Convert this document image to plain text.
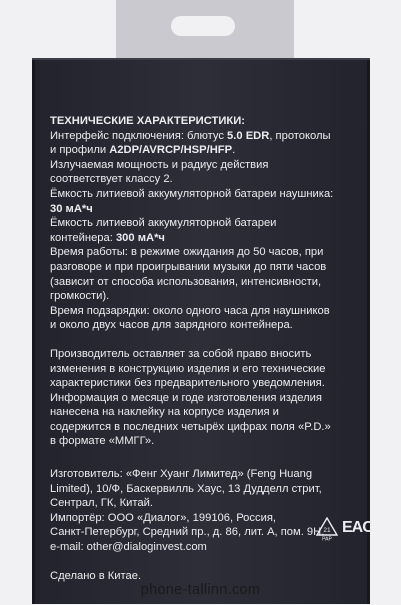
ТЕХНИЧЕСКИЕ ХАРАКТЕРИСТИКИ:

Интерфейс подключения: блютус 5.0 EDR, протоколы

и профили A2DP/AVRCP/HSP/HFP.

Излучаемая мощность и радиус действия

соответствует классу 2.

Ёмкость литиевой аккумуляторной батареи наушника:

30 мА*ч

Ёмкость литиевой аккумуляторной батареи

контейнера: 300 мА*ч

Время работы: в режиме ожидания до 50 часов, при

разговоре и при проигрывании музыки до пяти часов

(зависит от способа использования, интенсивности,

громкости).

Время подзарядки: около одного часа для наушников

и около двух часов для зарядного контейнера.

Производитель оставляет за собой право вносить

изменения в конструкцию изделия и его технические

характеристики без предварительного уведомления.

Информация о месяце и годе изготовления изделия

нанесена на наклейку на корпусе изделия и

содержится в последних четырёх цифрах поля «P.D.»

в формате «ММГГ».

Изготовитель: «Фенг Хуанг Лимитед» (Feng Huang

Limited), 10/Ф, Баскервилль Хаус, 13 Дудделл стрит,

Сентрал, ГК, Китай.

Импортёр: ООО «Диалог», 199106, Россия,

Санкт-Петербург, Средний пр., д. 86, лит. А, пом. 9Н.

e-mail: other@dialoginvest.com

Сделано в Китае.

21
PAP
EAC
phone-tallinn.com
